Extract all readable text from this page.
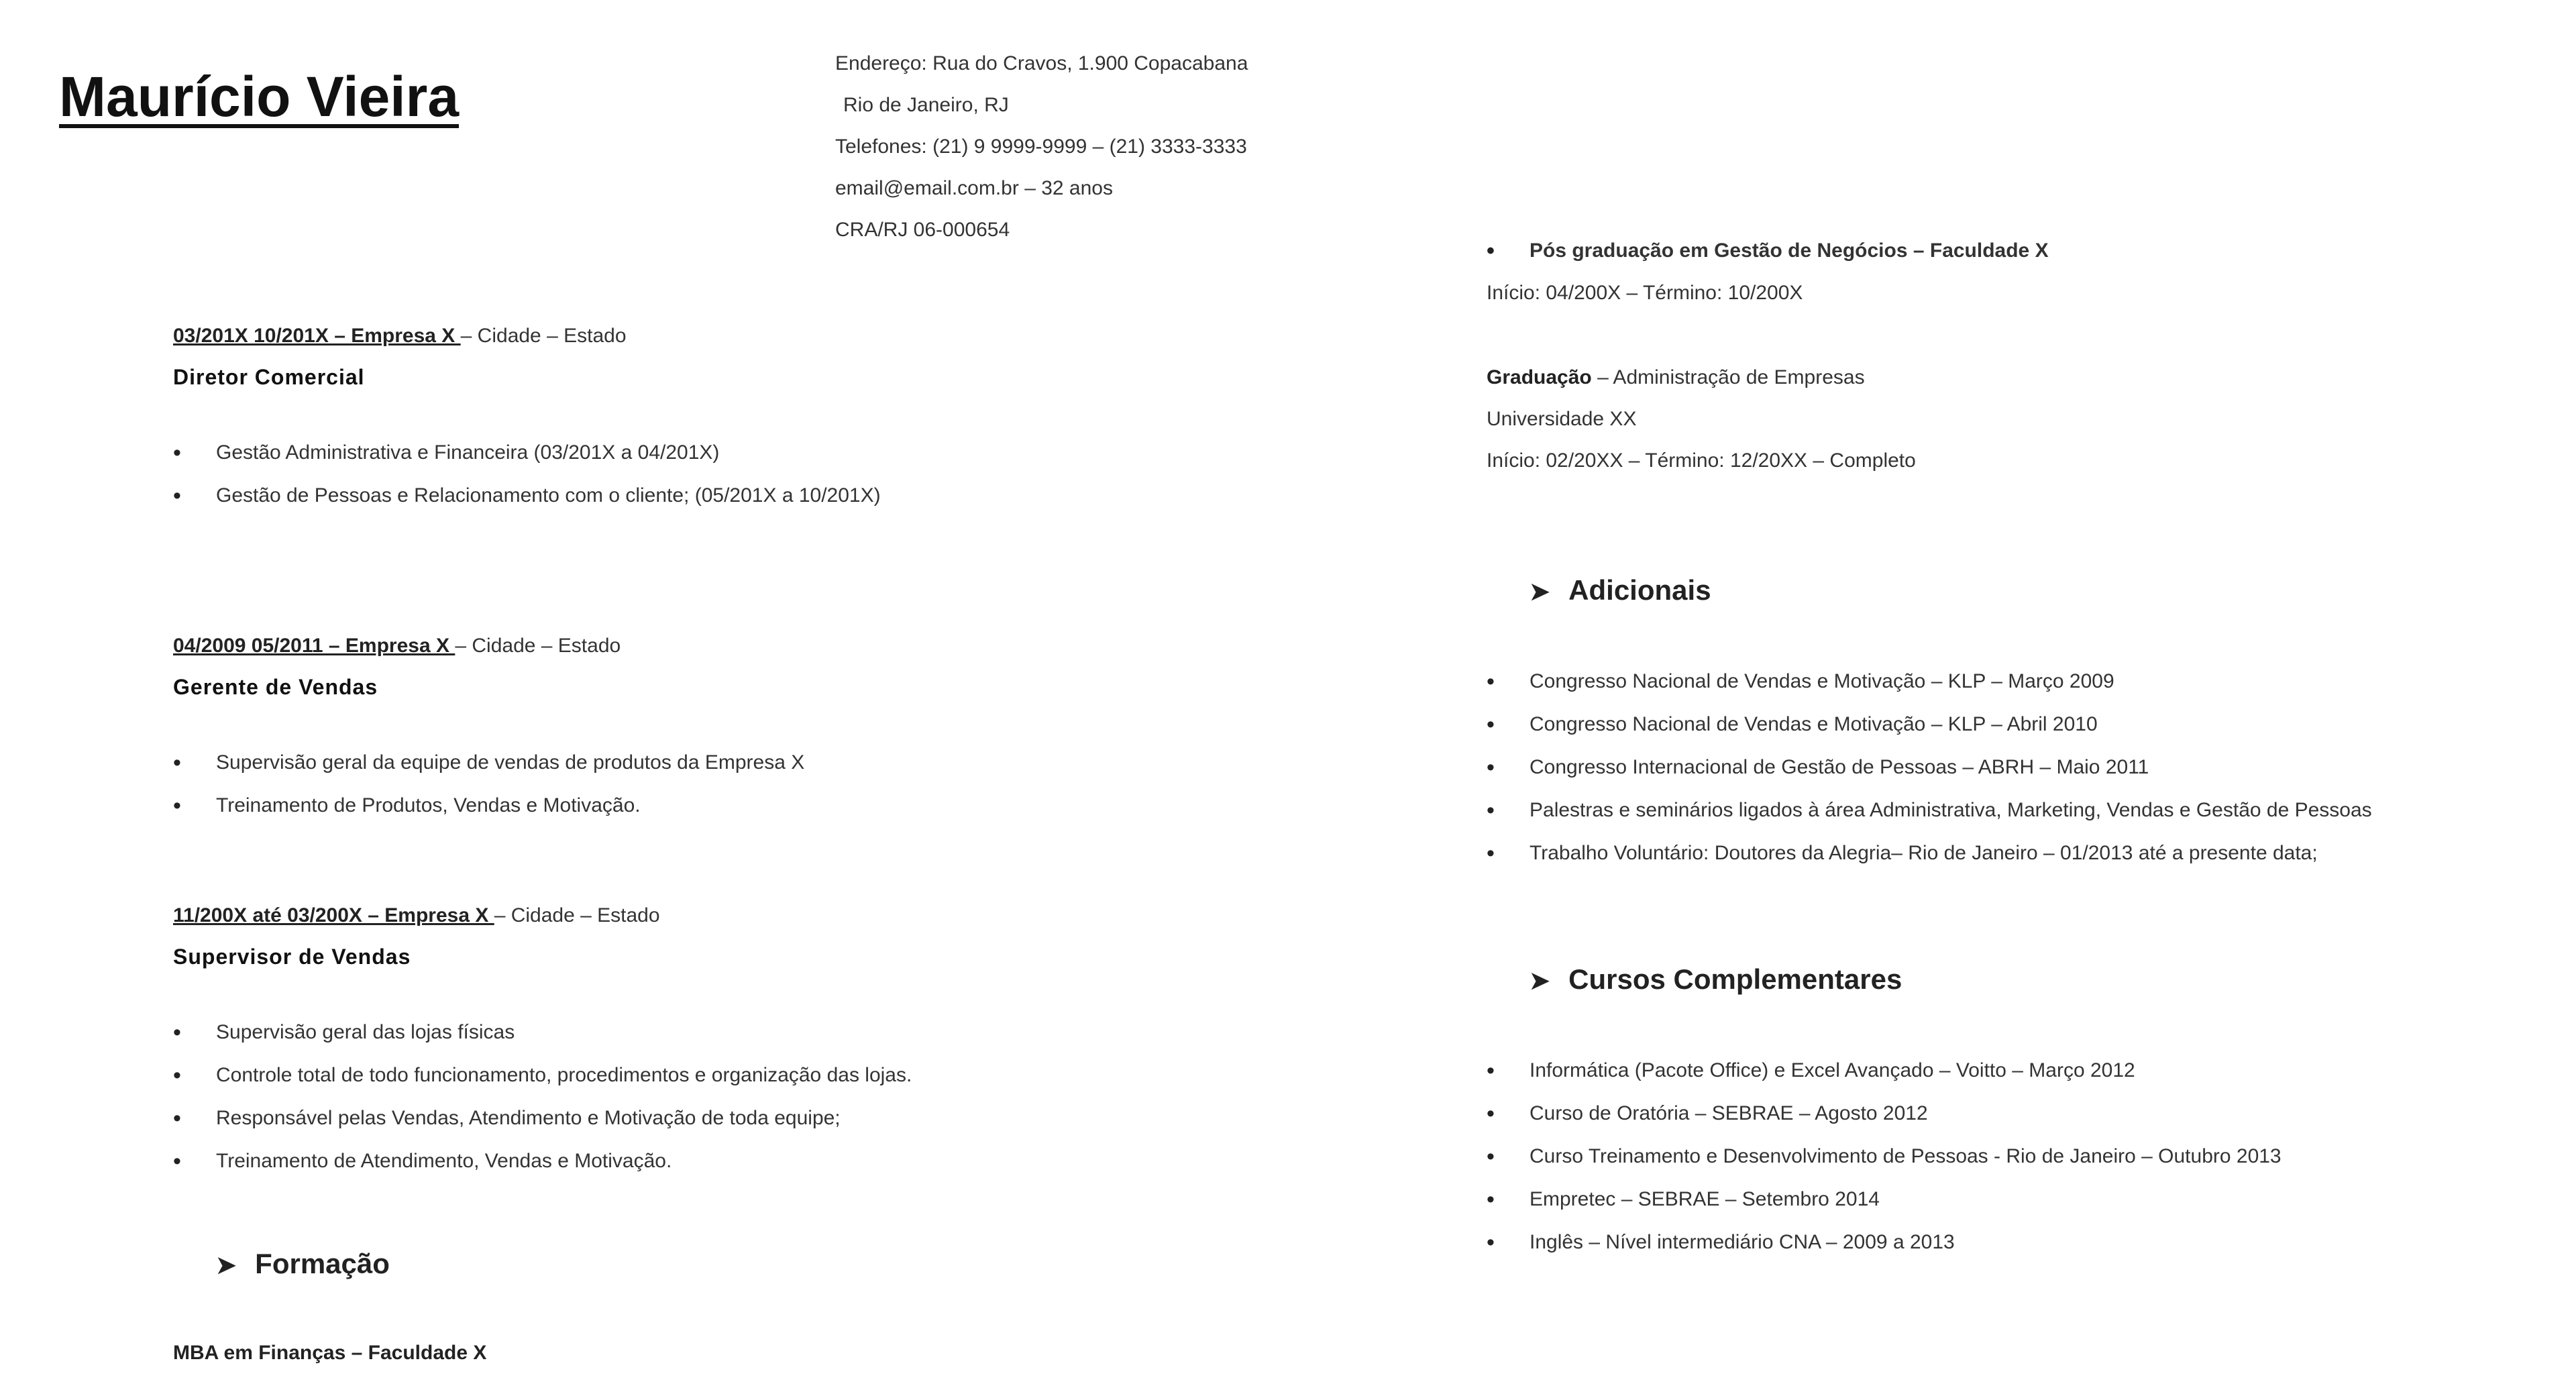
Maurício Vieira
Endereço: Rua do Cravos, 1.900 Copacabana
Rio de Janeiro, RJ
Telefones: (21) 9 9999-9999 – (21) 3333-3333
email@email.com.br – 32 anos
CRA/RJ 06-000654
03/201X 10/201X – Empresa X – Cidade – Estado
Diretor Comercial
• Gestão Administrativa e Financeira (03/201X a 04/201X)
• Gestão de Pessoas e Relacionamento com o cliente; (05/201X a 10/201X)
04/2009 05/2011 – Empresa X – Cidade – Estado
Gerente de Vendas
• Supervisão geral da equipe de vendas de produtos da Empresa X
• Treinamento de Produtos, Vendas e Motivação.
11/200X até 03/200X – Empresa X – Cidade – Estado
Supervisor de Vendas
• Supervisão geral das lojas físicas
• Controle total de todo funcionamento, procedimentos e organização das lojas.
• Responsável pelas Vendas, Atendimento e Motivação de toda equipe;
• Treinamento de Atendimento, Vendas e Motivação.
➤ Formação
MBA em Finanças – Faculdade X
• Pós graduação em Gestão de Negócios – Faculdade X
Início: 04/200X – Término: 10/200X
Graduação – Administração de Empresas
Universidade XX
Início: 02/20XX – Término: 12/20XX – Completo
➤ Adicionais
• Congresso Nacional de Vendas e Motivação – KLP – Março 2009
• Congresso Nacional de Vendas e Motivação – KLP – Abril 2010
• Congresso Internacional de Gestão de Pessoas – ABRH – Maio 2011
• Palestras e seminários ligados à área Administrativa, Marketing, Vendas e Gestão de Pessoas
• Trabalho Voluntário: Doutores da Alegria– Rio de Janeiro – 01/2013 até a presente data;
➤ Cursos Complementares
• Informática (Pacote Office) e Excel Avançado – Voitto – Março 2012
• Curso de Oratória – SEBRAE – Agosto 2012
• Curso Treinamento e Desenvolvimento de Pessoas - Rio de Janeiro – Outubro 2013
• Empretec – SEBRAE – Setembro 2014
• Inglês – Nível intermediário CNA – 2009 a 2013
